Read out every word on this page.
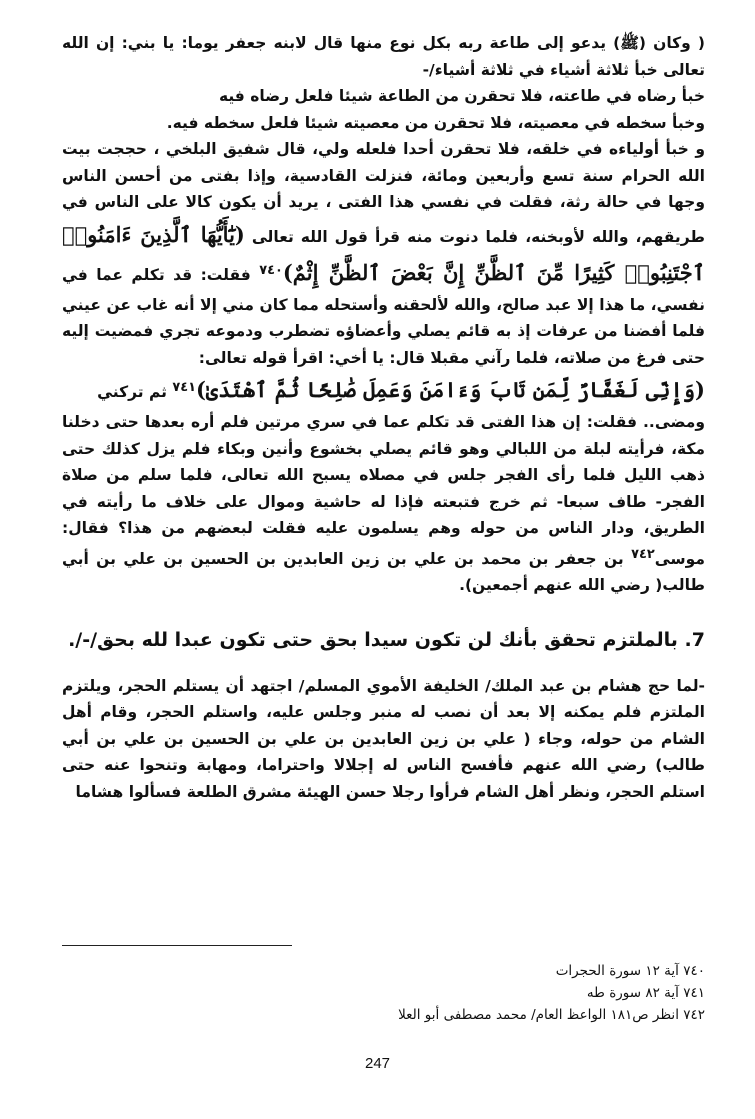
( وكان (ﷺ) يدعو إلى طاعة ربه بكل نوع منها قال لابنه جعفر يوما: يا بني: إن الله تعالى خبأ ثلاثة أشياء في ثلاثة أشياء/-

خبأ رضاه في طاعته، فلا تحقرن من الطاعة شيئا فلعل رضاه فيه

وخبأ سخطه في معصيته، فلا تحقرن من معصيته شيئا فلعل سخطه فيه.

و خبأ أولياءه في خلقه، فلا تحقرن أحدا فلعله ولي، قال شفيق البلخي ، حججت بيت الله الحرام سنة تسع وأربعين ومائة، فنزلت القادسية، وإذا بفتى من أحسن الناس وجها في حالة رثة، فقلت في نفسي هذا الفتى ، يريد أن يكون كالا على الناس في طريقهم، والله لأوبخنه، فلما دنوت منه قرأ قول الله تعالى (يَٰٓأَيُّهَا ٱلَّذِينَ ءَامَنُوا۟ ٱجْتَنِبُوا۟ كَثِيرًا مِّنَ ٱلظَّنِّ إِنَّ بَعْضَ ٱلظَّنِّ إِثْمٌ)$^{٧٤٠}$ فقلت: قد تكلم عما في نفسي، ما هذا إلا عبد صالح، والله لألحقنه وأستحله مما كان مني إلا أنه غاب عن عيني فلما أفضنا من عرفات إذ به قائم يصلي وأعضاؤه تضطرب ودموعه تجري فمضيت إليه حتى فرغ من صلاته، فلما رآني مقبلا قال: يا أخي: اقرأ قوله تعالى:

(وَإِنِّى لَغَفَّارٌ لِّمَن تَابَ وَءَامَنَ وَعَمِلَ صَٰلِحًا ثُمَّ ٱهْتَدَىٰ)$^{٧٤١}$ ثم تركني

ومضى.. فقلت: إن هذا الفتى قد تكلم عما في سري مرتين فلم أره بعدها حتى دخلنا مكة، فرأيته لبلة من اللبالي وهو قائم يصلي بخشوع وأنين وبكاء فلم يزل كذلك حتى ذهب الليل فلما رأى الفجر جلس في مصلاه يسبح الله تعالى، فلما سلم من صلاة الفجر- طاف سبعا- ثم خرج فتبعته فإذا له حاشية وموال على خلاف ما رأيته في الطريق، ودار الناس من حوله وهم يسلمون عليه فقلت لبعضهم من هذا؟ فقال: موسى$^{٧٤٢}$ بن جعفر بن محمد بن علي بن زين العابدين بن الحسين بن علي بن أبي طالب( رضي الله عنهم أجمعين).

7. بالملتزم تحقق بأنك لن تكون سيدا بحق حتى تكون عبدا لله بحق/-/.

-لما حج هشام بن عبد الملك/ الخليفة الأموي المسلم/ اجتهد أن يستلم الحجر، ويلتزم الملتزم فلم يمكنه إلا بعد أن نصب له منبر وجلس عليه، واستلم الحجر، وقام أهل الشام من حوله، وجاء ( علي بن زين العابدين بن علي بن الحسين بن علي بن أبي طالب) رضي الله عنهم فأفسح الناس له إجلالا واحتراما، ومهابة وتنحوا عنه حتى استلم الحجر، ونظر أهل الشام فرأوا رجلا حسن الهيئة مشرق الطلعة فسألوا هشاما

٧٤٠ آية ١٢ سورة الحجرات
٧٤١ آية ٨٢ سورة طه
٧٤٢ انظر ص١٨١ الواعظ العام/ محمد مصطفى أبو العلا
247
